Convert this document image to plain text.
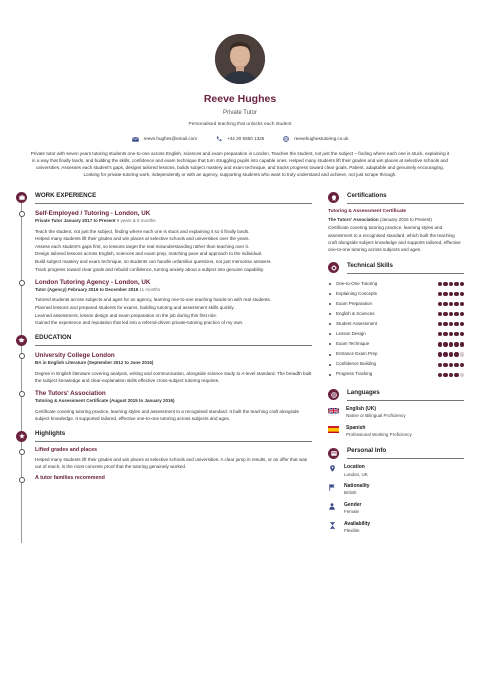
Reeve Hughes
Private Tutor
Personalised teaching that unlocks each student
reeve.hughes@email.com	+44 20 5550 1325	reevehughestutoring.co.uk
Private tutor with seven years tutoring students one-to-one across English, sciences and exam preparation in London. Teaches the student, not just the subject – finding where each one is stuck, explaining it in a way that finally lands, and building the skills, confidence and exam technique that turn struggling pupils into capable ones. Helped many students lift their grades and win places at selective schools and universities. Assesses each student's gaps, designs tailored lessons, builds subject mastery and exam technique, and tracks progress toward clear goals. Patient, adaptable and genuinely encouraging. Looking for private-tutoring work, independently or with an agency, supporting students who want to truly understand and achieve, not just scrape through.
WORK EXPERIENCE
Self-Employed / Tutoring - London, UK
Private Tutor January 2017 to Present 9 years & 5 months
Teach the student, not just the subject, finding where each one is stuck and explaining it so it finally lands.
Helped many students lift their grades and win places at selective schools and universities over the years.
Assess each student's gaps first, so lessons target the real misunderstanding rather than teaching over it.
Design tailored lessons across English, sciences and exam prep, matching pace and approach to the individual.
Build subject mastery and exam technique, so students can handle unfamiliar questions, not just memorise answers.
Track progress toward clear goals and rebuild confidence, turning anxiety about a subject into genuine capability.
London Tutoring Agency - London, UK
Tutor (Agency) February 2016 to December 2016 11 months
Tutored students across subjects and ages for an agency, learning one-to-one teaching hands-on with real students.
Planned lessons and prepared students for exams, building tutoring and assessment skills quickly.
Learned assessment, lesson design and exam preparation on the job during this first role.
Gained the experience and reputation that led into a referral-driven private-tutoring practice of my own.
EDUCATION
University College London
BA in English Literature (September 2012 to June 2015)
Degree in English literature covering analysis, writing and communication, alongside science study to A-level standard. The breadth built the subject knowledge and clear-explanation skills effective cross-subject tutoring requires.
The Tutors' Association
Tutoring & Assessment Certificate (August 2015 to January 2016)
Certificate covering tutoring practice, learning styles and assessment to a recognised standard. It built the teaching craft alongside subject knowledge. It supported tailored, effective one-to-one tutoring across subjects and ages.
Highlights
Lifted grades and places
Helped many students lift their grades and win places at selective schools and universities. A clear jump in results, or an offer that was out of reach, is the most concrete proof that the tutoring genuinely worked.
A tutor families recommend
Certifications
Tutoring & Assessment Certificate
The Tutors' Association (January 2016 to Present)
Certificate covering tutoring practice, learning styles and assessment to a recognised standard, which built the teaching craft alongside subject knowledge and supports tailored, effective one-to-one tutoring across subjects and ages.
Technical Skills
One-to-One Tutoring
Explaining Concepts
Exam Preparation
English & Sciences
Student Assessment
Lesson Design
Exam Technique
Entrance Exam Prep
Confidence Building
Progress Tracking
Languages
English (UK)
Native or Bilingual Proficiency
Spanish
Professional Working Proficiency
Personal Info
Location
London, UK
Nationality
British
Gender
Female
Availability
Flexible
